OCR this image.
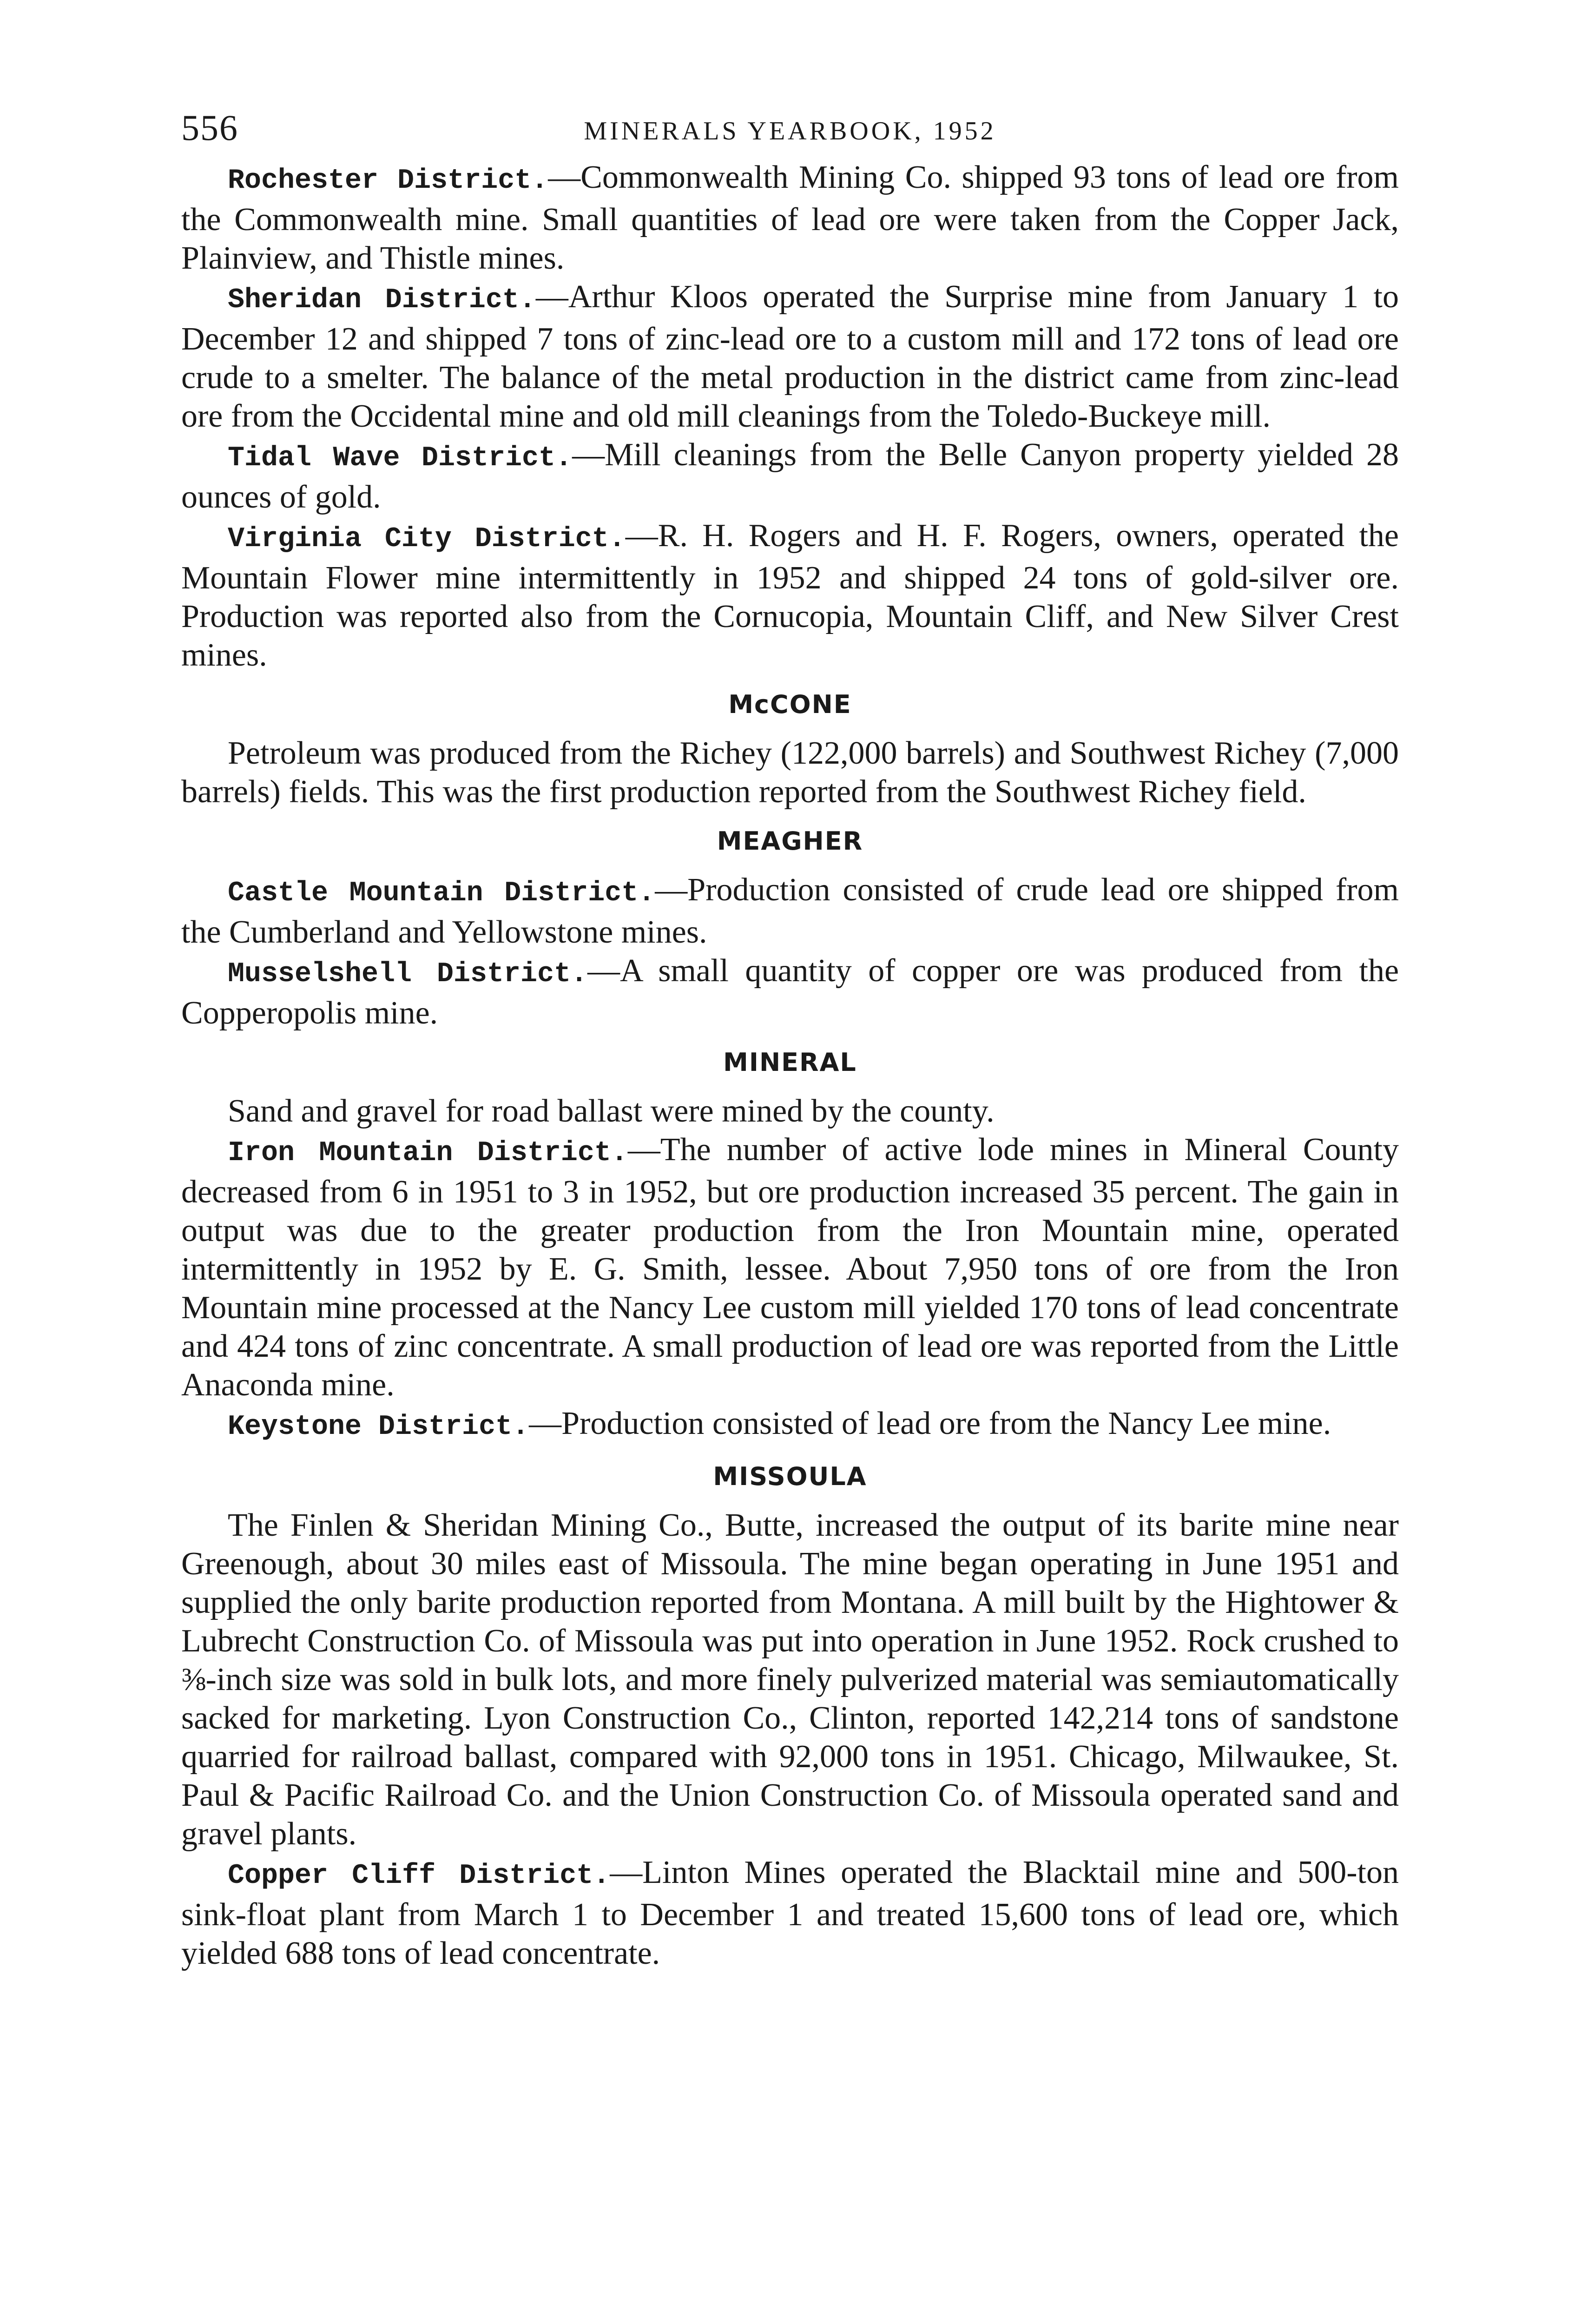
556	MINERALS YEARBOOK, 1952

Rochester District.—Commonwealth Mining Co. shipped 93 tons of lead ore from the Commonwealth mine. Small quantities of lead ore were taken from the Copper Jack, Plainview, and Thistle mines.

Sheridan District.—Arthur Kloos operated the Surprise mine from January 1 to December 12 and shipped 7 tons of zinc-lead ore to a custom mill and 172 tons of lead ore crude to a smelter. The balance of the metal production in the district came from zinc-lead ore from the Occidental mine and old mill cleanings from the Toledo-Buckeye mill.

Tidal Wave District.—Mill cleanings from the Belle Canyon property yielded 28 ounces of gold.

Virginia City District.—R. H. Rogers and H. F. Rogers, owners, operated the Mountain Flower mine intermittently in 1952 and shipped 24 tons of gold-silver ore. Production was reported also from the Cornucopia, Mountain Cliff, and New Silver Crest mines.

McCONE

Petroleum was produced from the Richey (122,000 barrels) and Southwest Richey (7,000 barrels) fields. This was the first production reported from the Southwest Richey field.

MEAGHER

Castle Mountain District.—Production consisted of crude lead ore shipped from the Cumberland and Yellowstone mines.

Musselshell District.—A small quantity of copper ore was produced from the Copperopolis mine.

MINERAL

Sand and gravel for road ballast were mined by the county.

Iron Mountain District.—The number of active lode mines in Mineral County decreased from 6 in 1951 to 3 in 1952, but ore production increased 35 percent. The gain in output was due to the greater production from the Iron Mountain mine, operated intermittently in 1952 by E. G. Smith, lessee. About 7,950 tons of ore from the Iron Mountain mine processed at the Nancy Lee custom mill yielded 170 tons of lead concentrate and 424 tons of zinc concentrate. A small production of lead ore was reported from the Little Anaconda mine.

Keystone District.—Production consisted of lead ore from the Nancy Lee mine.

MISSOULA

The Finlen & Sheridan Mining Co., Butte, increased the output of its barite mine near Greenough, about 30 miles east of Missoula. The mine began operating in June 1951 and supplied the only barite production reported from Montana. A mill built by the Hightower & Lubrecht Construction Co. of Missoula was put into operation in June 1952. Rock crushed to ⅜-inch size was sold in bulk lots, and more finely pulverized material was semiautomatically sacked for marketing. Lyon Construction Co., Clinton, reported 142,214 tons of sandstone quarried for railroad ballast, compared with 92,000 tons in 1951. Chicago, Milwaukee, St. Paul & Pacific Railroad Co. and the Union Construction Co. of Missoula operated sand and gravel plants.

Copper Cliff District.—Linton Mines operated the Blacktail mine and 500-ton sink-float plant from March 1 to December 1 and treated 15,600 tons of lead ore, which yielded 688 tons of lead concentrate.
